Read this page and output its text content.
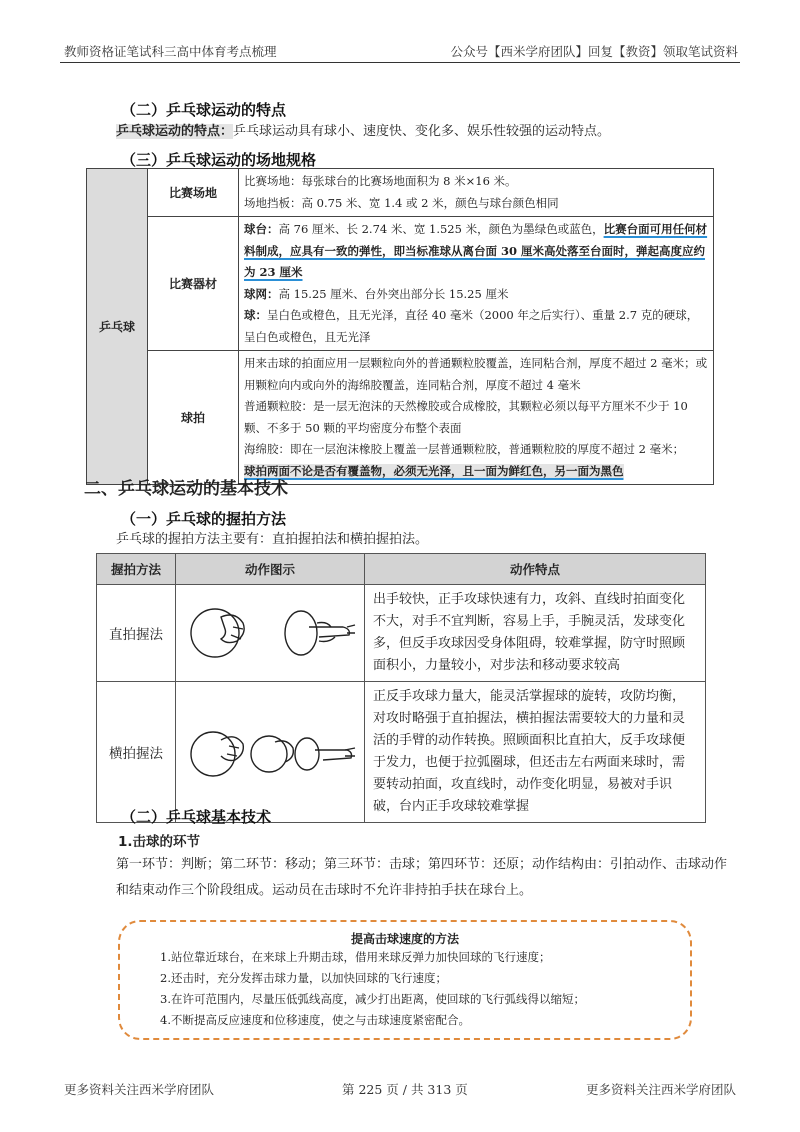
教师资格证笔试科三高中体育考点梳理	公众号【西米学府团队】回复【教资】领取笔试资料
（二）乒乓球运动的特点
乒乓球运动的特点：乒乓球运动具有球小、速度快、变化多、娱乐性较强的运动特点。
（三）乒乓球运动的场地规格
乒乓球	比赛场地	比赛场地：每张球台的比赛场地面积为 8 米×16 米。
场地挡板：高 0.75 米、宽 1.4 或 2 米，颜色与球台颜色相同

	比赛器材	球台：高 76 厘米、长 2.74 米、宽 1.525 米，颜色为墨绿色或蓝色，比赛台面可用任何材料制成，应具有一致的弹性，即当标准球从离台面 30 厘米高处落至台面时，弹起高度应约为 23 厘米
球网：高 15.25 厘米、台外突出部分长 15.25 厘米
球：呈白色或橙色，且无光泽，直径 40 毫米（2000 年之后实行）、重量 2.7 克的硬球，呈白色或橙色，且无光泽

	球拍	用来击球的拍面应用一层颗粒向外的普通颗粒胶覆盖，连同粘合剂，厚度不超过 2 毫米；或用颗粒向内或向外的海绵胶覆盖，连同粘合剂，厚度不超过 4 毫米
普通颗粒胶：是一层无泡沫的天然橡胶或合成橡胶，其颗粒必须以每平方厘米不少于 10 颗、不多于 50 颗的平均密度分布整个表面
海绵胶：即在一层泡沫橡胶上覆盖一层普通颗粒胶，普通颗粒胶的厚度不超过 2 毫米；
球拍两面不论是否有覆盖物，必须无光泽，且一面为鲜红色，另一面为黑色
二、乒乓球运动的基本技术
（一）乒乓球的握拍方法
乒乓球的握拍方法主要有：直拍握拍法和横拍握拍法。
握拍方法	动作图示	动作特点
直拍握法		出手较快，正手攻球快速有力，攻斜、直线时拍面变化不大，对手不宜判断，容易上手，手腕灵活，发球变化多，但反手攻球因受身体阻碍，较难掌握，防守时照顾面积小，力量较小，对步法和移动要求较高
横拍握法		正反手攻球力量大，能灵活掌握球的旋转，攻防均衡，对攻时略强于直拍握法，横拍握法需要较大的力量和灵活的手臂的动作转换。照顾面积比直拍大，反手攻球便于发力，也便于拉弧圈球，但还击左右两面来球时，需要转动拍面，攻直线时，动作变化明显，易被对手识破，台内正手攻球较难掌握
（二）乒乓球基本技术
1.击球的环节
第一环节：判断；第二环节：移动；第三环节：击球；第四环节：还原；动作结构由：引拍动作、击球动作和结束动作三个阶段组成。运动员在击球时不允许非持拍手扶在球台上。
提高击球速度的方法
1.站位靠近球台，在来球上升期击球，借用来球反弹力加快回球的飞行速度；
2.还击时，充分发挥击球力量，以加快回球的飞行速度；
3.在许可范围内，尽量压低弧线高度，减少打出距离，使回球的飞行弧线得以缩短；
4.不断提高反应速度和位移速度，使之与击球速度紧密配合。
更多资料关注西米学府团队	第 225 页 / 共 313 页	更多资料关注西米学府团队
